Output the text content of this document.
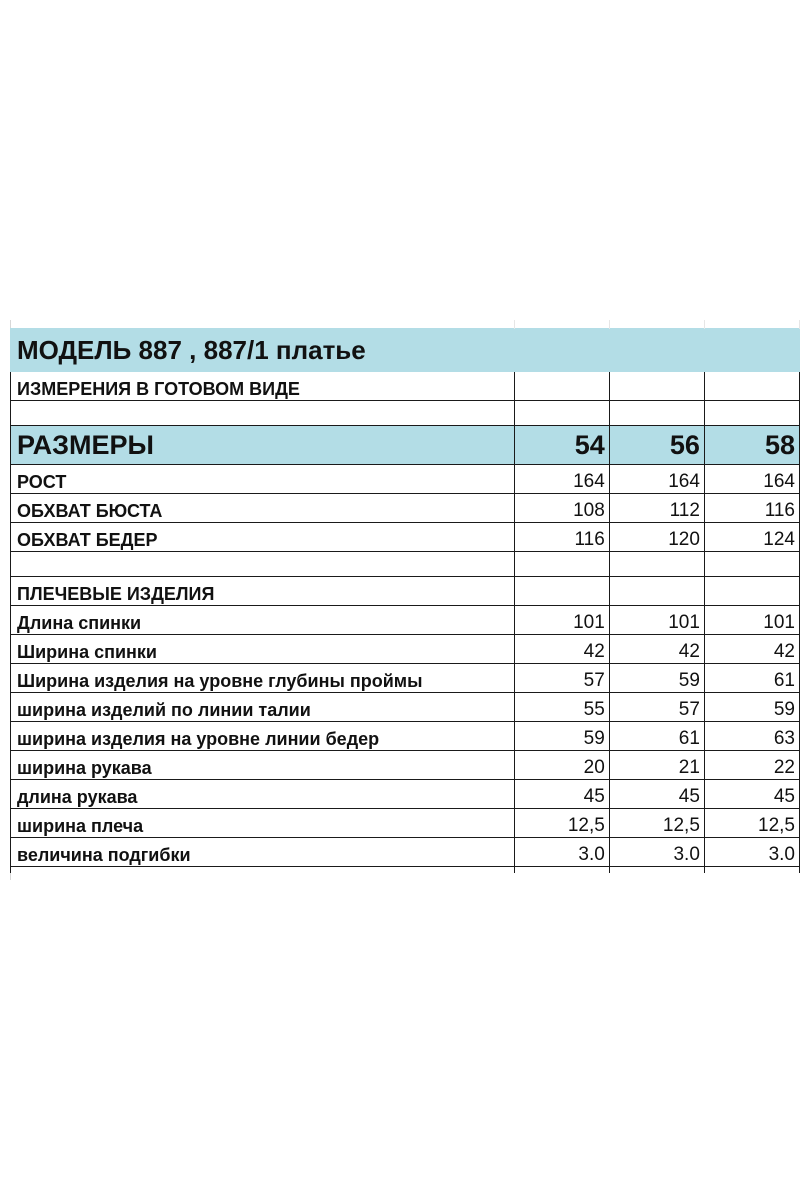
МОДЕЛЬ 887 , 887/1 платье			
ИЗМЕРЕНИЯ В ГОТОВОМ ВИДЕ			

РАЗМЕРЫ	54	56	58
РОСТ	164	164	164
ОБХВАТ БЮСТА	108	112	116
ОБХВАТ БЕДЕР	116	120	124

ПЛЕЧЕВЫЕ ИЗДЕЛИЯ			
Длина спинки	101	101	101
Ширина спинки	42	42	42
Ширина изделия на уровне глубины проймы	57	59	61
ширина изделий по линии талии	55	57	59
ширина изделия на уровне линии бедер	59	61	63
ширина рукава	20	21	22
длина рукава	45	45	45
ширина плеча	12,5	12,5	12,5
величина подгибки	3.0	3.0	3.0
